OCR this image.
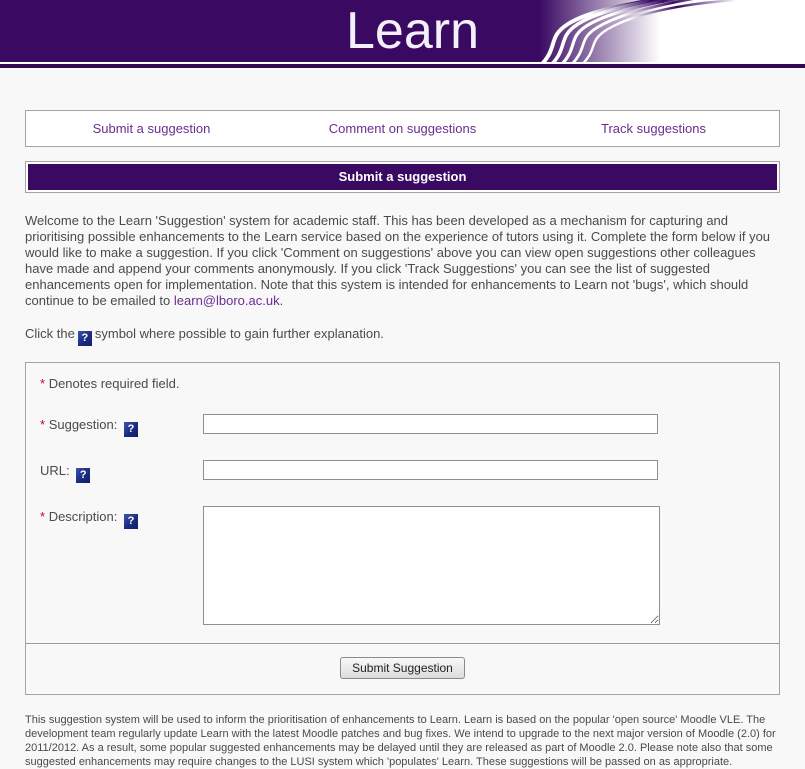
Learn
Submit a suggestion	Comment on suggestions	Track suggestions
Submit a suggestion
Welcome to the Learn 'Suggestion' system for academic staff. This has been developed as a mechanism for capturing and prioritising possible enhancements to the Learn service based on the experience of tutors using it. Complete the form below if you would like to make a suggestion. If you click 'Comment on suggestions' above you can view open suggestions other colleagues have made and append your comments anonymously. If you click 'Track Suggestions' you can see the list of suggested enhancements open for implementation. Note that this system is intended for enhancements to Learn not 'bugs', which should continue to be emailed to learn@lboro.ac.uk.
Click the ? symbol where possible to gain further explanation.
* Denotes required field.
* Suggestion: ?
URL: ?
* Description: ?
Submit Suggestion
This suggestion system will be used to inform the prioritisation of enhancements to Learn. Learn is based on the popular 'open source' Moodle VLE. The development team regularly update Learn with the latest Moodle patches and bug fixes. We intend to upgrade to the next major version of Moodle (2.0) for 2011/2012. As a result, some popular suggested enhancements may be delayed until they are released as part of Moodle 2.0. Please note also that some suggested enhancements may require changes to the LUSI system which 'populates' Learn. These suggestions will be passed on as appropriate.
